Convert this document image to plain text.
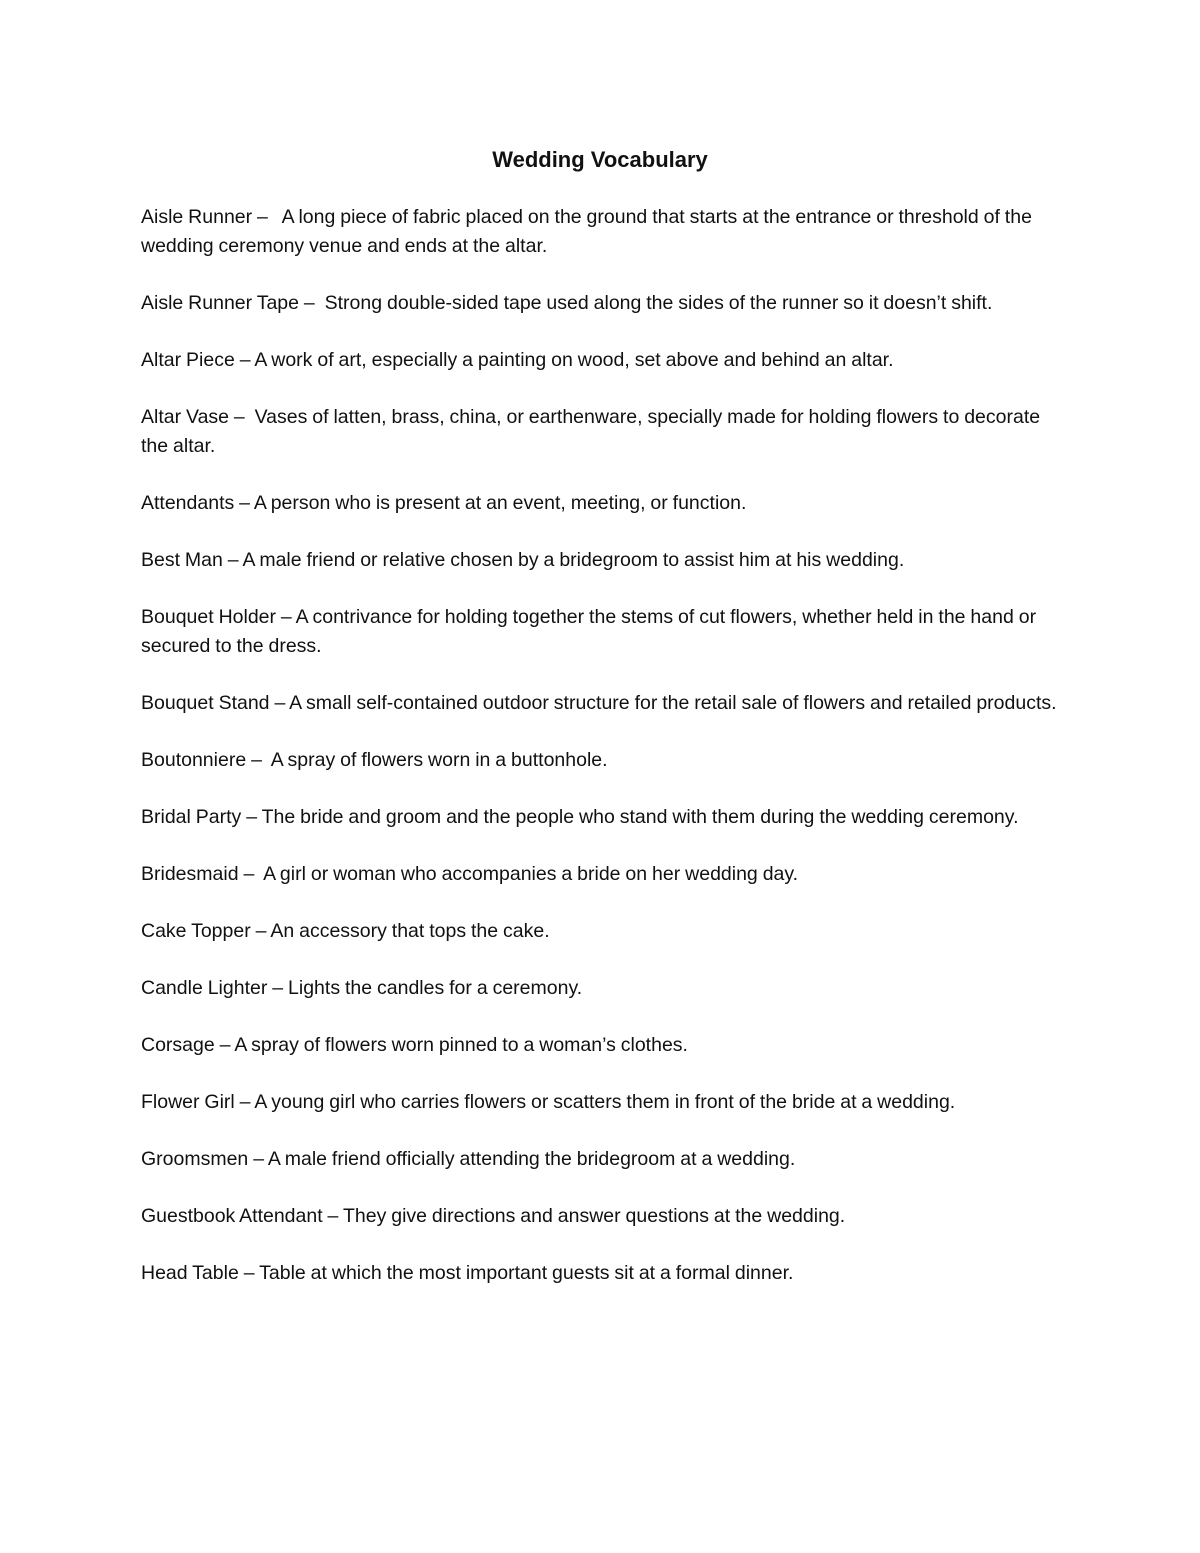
Wedding Vocabulary

Aisle Runner –   A long piece of fabric placed on the ground that starts at the entrance or threshold of the wedding ceremony venue and ends at the altar.

Aisle Runner Tape –  Strong double-sided tape used along the sides of the runner so it doesn’t shift.

Altar Piece – A work of art, especially a painting on wood, set above and behind an altar.

Altar Vase –  Vases of latten, brass, china, or earthenware, specially made for holding flowers to decorate the altar.

Attendants – A person who is present at an event, meeting, or function.

Best Man – A male friend or relative chosen by a bridegroom to assist him at his wedding.

Bouquet Holder – A contrivance for holding together the stems of cut flowers, whether held in the hand or secured to the dress.

Bouquet Stand – A small self-contained outdoor structure for the retail sale of flowers and retailed products.

Boutonniere –  A spray of flowers worn in a buttonhole.

Bridal Party – The bride and groom and the people who stand with them during the wedding ceremony.

Bridesmaid –  A girl or woman who accompanies a bride on her wedding day.

Cake Topper – An accessory that tops the cake.

Candle Lighter – Lights the candles for a ceremony.

Corsage – A spray of flowers worn pinned to a woman’s clothes.

Flower Girl – A young girl who carries flowers or scatters them in front of the bride at a wedding.

Groomsmen – A male friend officially attending the bridegroom at a wedding.

Guestbook Attendant – They give directions and answer questions at the wedding.

Head Table – Table at which the most important guests sit at a formal dinner.
